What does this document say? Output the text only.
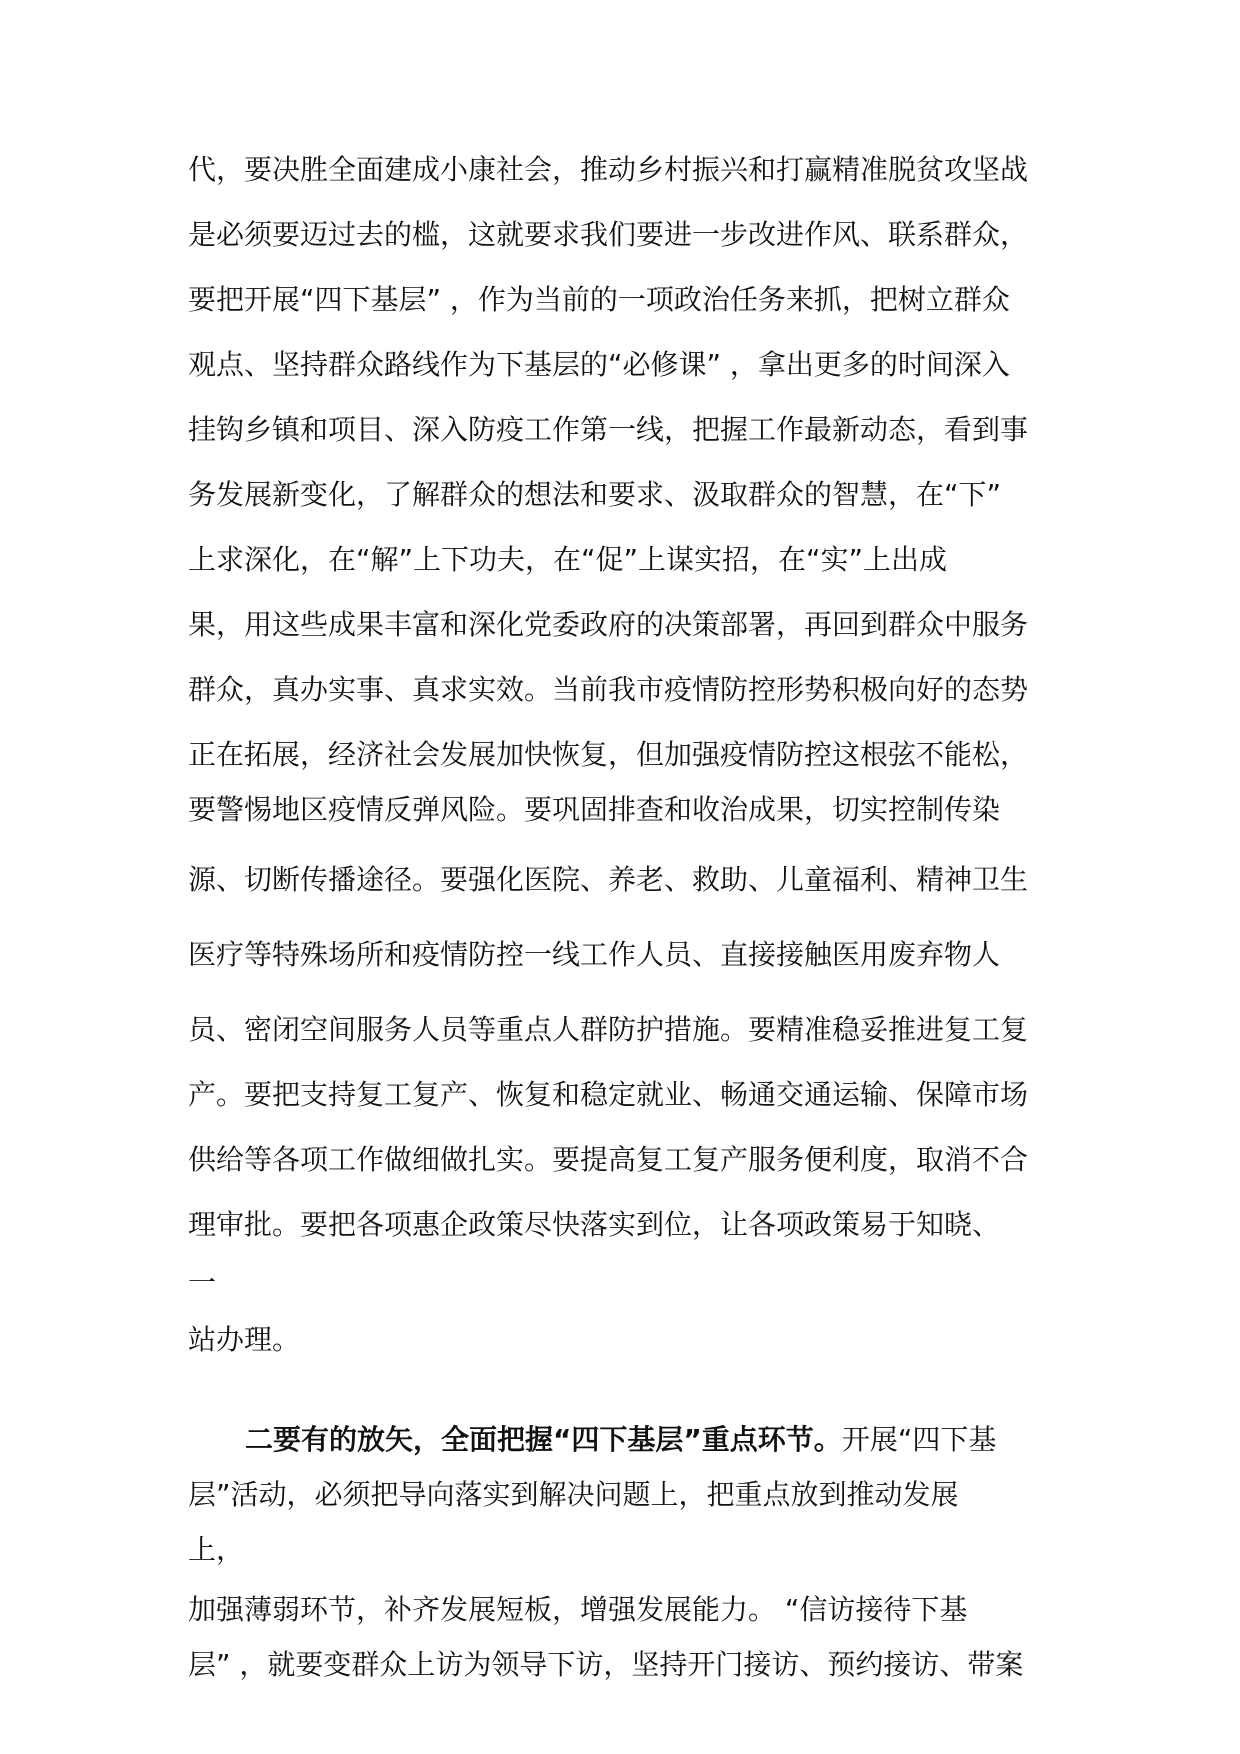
代，要决胜全面建成小康社会，推动乡村振兴和打赢精准脱贫攻坚战
是必须要迈过去的槛，这就要求我们要进一步改进作风、联系群众，
要把开展“四下基层” ，作为当前的一项政治任务来抓，把树立群众
观点、坚持群众路线作为下基层的“必修课” ，拿出更多的时间深入
挂钩乡镇和项目、深入防疫工作第一线，把握工作最新动态，看到事
务发展新变化，了解群众的想法和要求、汲取群众的智慧，在“下”
上求深化，在“解”上下功夫，在“促”上谋实招，在“实”上出成
果，用这些成果丰富和深化党委政府的决策部署，再回到群众中服务
群众，真办实事、真求实效。当前我市疫情防控形势积极向好的态势
正在拓展，经济社会发展加快恢复，但加强疫情防控这根弦不能松，
要警惕地区疫情反弹风险。要巩固排查和收治成果，切实控制传染
源、切断传播途径。要强化医院、养老、救助、儿童福利、精神卫生
医疗等特殊场所和疫情防控一线工作人员、直接接触医用废弃物人
员、密闭空间服务人员等重点人群防护措施。要精准稳妥推进复工复
产。要把支持复工复产、恢复和稳定就业、畅通交通运输、保障市场
供给等各项工作做细做扎实。要提高复工复产服务便利度，取消不合
理审批。要把各项惠企政策尽快落实到位，让各项政策易于知晓、
一
站办理。
二要有的放矢，全面把握“四下基层”重点环节。开展“四下基
层”活动，必须把导向落实到解决问题上，把重点放到推动发展
上，
加强薄弱环节，补齐发展短板，增强发展能力。 “信访接待下基
层” ，就要变群众上访为领导下访，坚持开门接访、预约接访、带案
